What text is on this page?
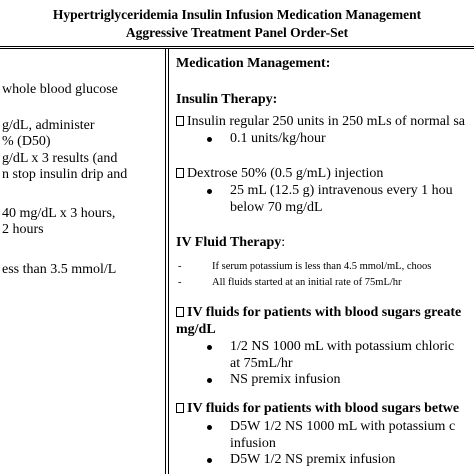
Hypertriglyceridemia Insulin Infusion Medication Management
Aggressive Treatment Panel Order-Set
whole blood glucose
g/dL, administer
% (D50)
g/dL x 3 results (and
n stop insulin drip and
40 mg/dL x 3 hours,
2 hours
ess than 3.5 mmol/L
Medication Management:
Insulin Therapy:
Insulin regular 250 units in 250 mLs of normal sa
0.1 units/kg/hour
Dextrose 50% (0.5 g/mL) injection
25 mL (12.5 g) intravenous every 1 hou
below 70 mg/dL
IV Fluid Therapy:
-	If serum potassium is less than 4.5 mmol/mL, choos
-	All fluids started at an initial rate of 75mL/hr
IV fluids for patients with blood sugars greate
mg/dL
1/2 NS 1000 mL with potassium chloric
at 75mL/hr
NS premix infusion
IV fluids for patients with blood sugars betwe
D5W 1/2 NS 1000 mL with potassium c
infusion
D5W 1/2 NS premix infusion
